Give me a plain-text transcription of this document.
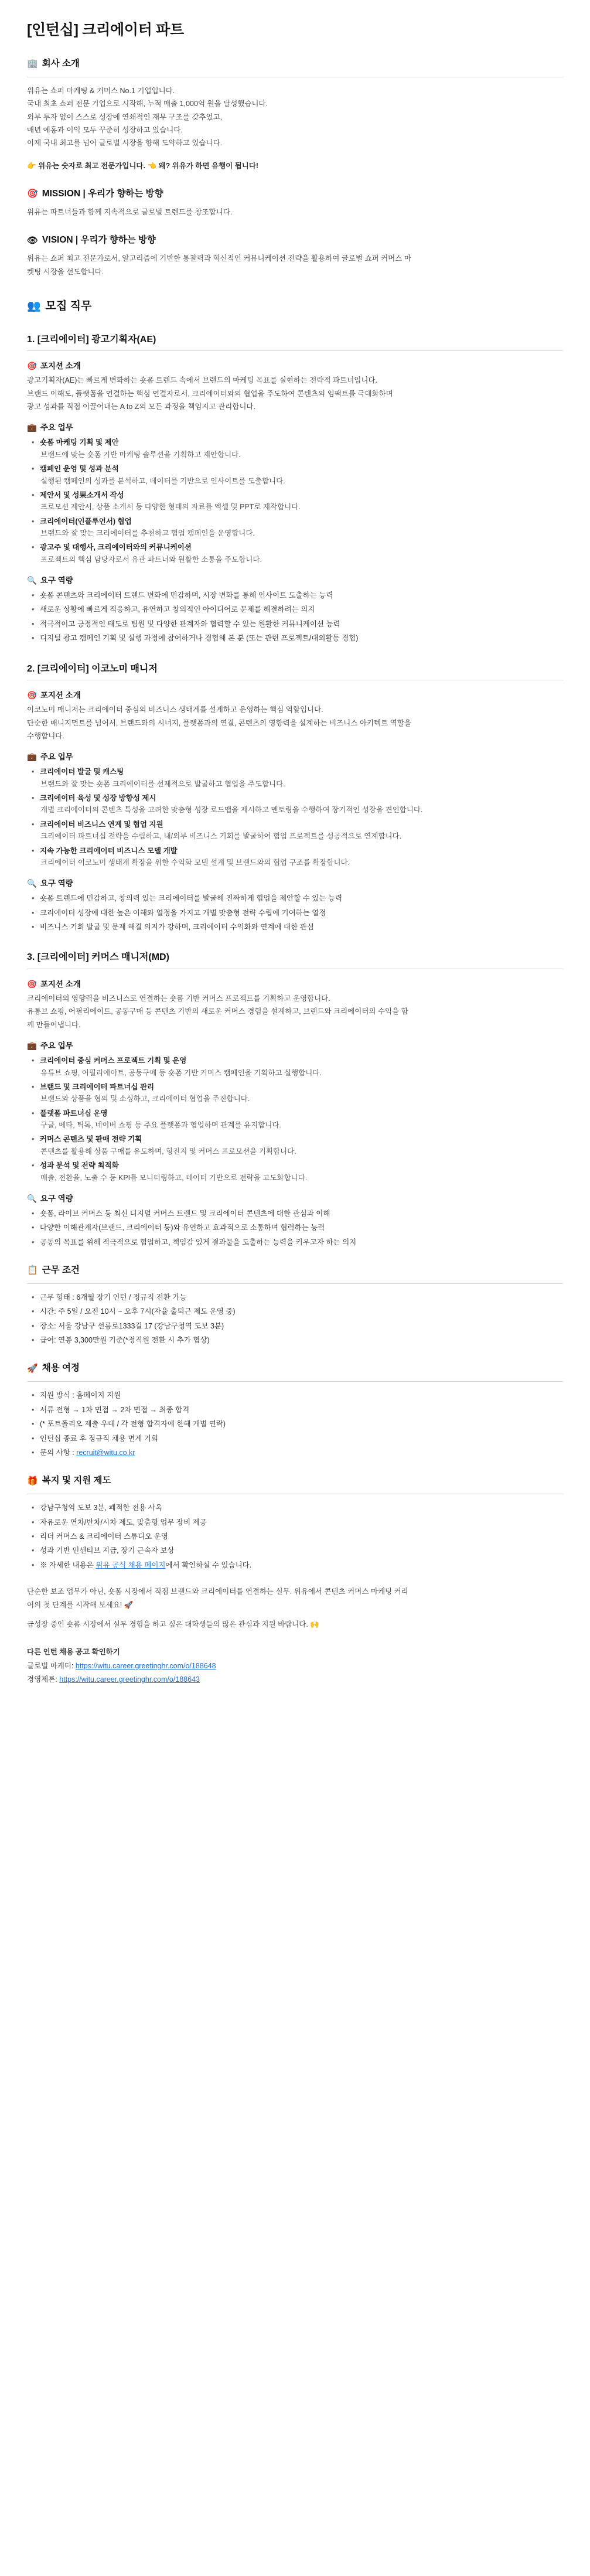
[인턴십] 크리에이터 파트
🏢 회사 소개
위유는 쇼퍼 마케팅 & 커머스 No.1 기업입니다.
국내 최초 쇼퍼 전문 기업으로 시작해, 누적 매출 1,000억 원을 달성했습니다.
외부 투자 없이 스스로 성장에 연쇄적인 재무 구조를 갖추었고,
매년 예홍과 이익 모두 꾸준히 성장하고 있습니다.
이제 국내 최고를 넘어 글로벌 시장을 향해 도약하고 있습니다.
👉 위유는 숫자로 최고 전문가입니다. 👈 왜? 위유가 하면 유행이 됩니다!
🎯 MISSION | 우리가 향하는 방향
위유는 파트너들과 함께 지속적으로 글로벌 트렌드를 창조합니다.
👁 VISION | 우리가 향하는 방향
위유는 쇼퍼 최고 전문가로서, 알고리즘에 기반한 통찰력과 혁신적인 커뮤니케이션 전략을 활용하여 글로벌 쇼퍼 커머스 마
켓팅 시장을 선도합니다.
👥 모집 직무
1. [크리에이터] 광고기획자(AE)
🎯 포지션 소개
광고기획자(AE)는 빠르게 변화하는 숏폼 트렌드 속에서 브랜드의 마케팅 목표를 실현하는 전략적 파트너입니다.
브랜드 이해도, 플랫폼을 연결하는 핵심 연결자로서, 크리에이터와의 협업을 주도하여 콘텐츠의 임팩트를 극대화하며
광고 성과를 직접 이끌어내는 A to Z의 모든 과정을 책임지고 관리합니다.
💼 주요 업무
• 숏폼 마케팅 기획 및 제안
브랜드에 맞는 숏폼 기반 마케팅 솔루션을 기획하고 제안합니다.
• 캠페인 운영 및 성과 분석
실행된 캠페인의 성과를 분석하고, 데이터를 기반으로 인사이트를 도출합니다.
• 제안서 및 성果소개서 작성
프로모션 제안서, 상품 소개서 등 다양한 형태의 자료를 엑셀 및 PPT로 제작합니다.
• 크리에이터(인플루언서) 협업
브랜드와 잘 맞는 크리에이터를 추천하고 협업 캠페인을 운영합니다.
• 광고주 및 대행사, 크리에이터와의 커뮤니케이션
프로젝트의 핵심 담당자로서 유관 파트너와 원활한 소통을 주도합니다.
🔍 요구 역량
• 숏폼 콘텐츠와 크리에이터 트렌드 변화에 민감하며, 시장 변화를 통해 인사이트 도출하는 능력
• 새로운 상황에 빠르게 적응하고, 유연하고 창의적인 아이디어로 문제를 해결하려는 의지
• 적극적이고 긍정적인 태도로 팀원 및 다양한 관계자와 협력할 수 있는 원활한 커뮤니케이션 능력
• 디지털 광고 캠페인 기획 및 실행 과정에 참여하거나 경험해 본 분 (또는 관련 프로젝트/대외활동 경험)
2. [크리에이터] 이코노미 매니저
🎯 포지션 소개
이코노미 매니저는 크리에이터 중심의 비즈니스 생태계를 설계하고 운영하는 핵심 역할입니다.
단순한 매니지먼트를 넘어서, 브랜드와의 시너지, 플랫폼과의 연결, 콘텐츠의 영향력을 설계하는 비즈니스 아키텍트 역할을
수행합니다.
💼 주요 업무
• 크리에이터 발굴 및 캐스팅
브랜드와 잘 맞는 숏폼 크리에이터를 선제적으로 발굴하고 협업을 주도합니다.
• 크리에이터 육성 및 성장 방향성 제시
개별 크리에이터의 콘텐츠 특성을 고려한 맞춤형 성장 로드맵을 제시하고 멘토링을 수행하여 장기적인 성장을 견인합니다.
• 크리에이터 비즈니스 연계 및 협업 지원
크리에이터 파트너십 전략을 수립하고, 내/외부 비즈니스 기회를 발굴하여 협업 프로젝트를 성공적으로 연계합니다.
• 지속 가능한 크리에이터 비즈니스 모델 개발
크리에이터 이코노미 생태계 확장을 위한 수익화 모델 설계 및 브랜드와의 협업 구조를 확장합니다.
🔍 요구 역량
• 숏폼 트렌드에 민감하고, 창의력 있는 크리에이터를 발굴해 진짜하게 협업을 제안할 수 있는 능력
• 크리에이터 성장에 대한 높은 이해와 열정을 가지고 개별 맞춤형 전략 수립에 기여하는 열정
• 비즈니스 기회 발굴 및 문제 해결 의지가 강하며, 크리에이터 수익화와 연계에 대한 관심
3. [크리에이터] 커머스 매니저(MD)
🎯 포지션 소개
크리에이터의 영향력을 비즈니스로 연결하는 숏폼 기반 커머스 프로젝트를 기획하고 운영합니다.
유통브 쇼핑, 어필리에이트, 공동구매 등 콘텐츠 기반의 새로운 커머스 경험을 설계하고, 브랜드와 크리에이터의 수익을 함
께 만들어냅니다.
💼 주요 업무
• 크리에이터 중심 커머스 프로젝트 기획 및 운영
유튜브 쇼핑, 어필리에이트, 공동구매 등 숏폼 기반 커머스 캠페인을 기획하고 실행합니다.
• 브랜드 및 크리에이터 파트너십 관리
브랜드와 상품을 협의 및 소싱하고, 크리에이터 협업을 주진합니다.
• 플랫폼 파트너십 운영
구글, 메타, 틱톡, 네이버 쇼핑 등 주요 플랫폼과 협업하며 관계를 유지합니다.
• 커머스 콘텐츠 및 판매 전략 기획
콘텐츠를 활용해 상품 구매를 유도하며, 형진지 및 커머스 프로모션을 기획합니다.
• 성과 분석 및 전략 최적화
매출, 전환율, 노출 수 등 KPI를 모니터링하고, 데이터 기반으로 전략을 고도화합니다.
🔍 요구 역량
• 숏폼, 라이브 커머스 등 최신 디지털 커머스 트렌드 및 크리에이터 콘텐츠에 대한 관심과 이해
• 다양한 이해관계자(브랜드, 크리에이터 등)와 유연하고 효과적으로 소통하며 협력하는 능력
• 공동의 목표를 위해 적극적으로 협업하고, 책임감 있게 결과물을 도출하는 능력을 키우고자 하는 의지
📋 근무 조건
• 근무 형태 : 6개월 장기 인턴 / 정규직 전환 가능
• 시간: 주 5일 / 오전 10시 ~ 오후 7시(자율 출퇴근 제도 운영 중)
• 장소: 서울 강남구 선릉로1333길 17 (강남구청역 도보 3분)
• 급여: 연봉 3,300만원 기준(*정직원 전환 시 추가 협상)
🚀 채용 여정
• 지원 방식 : 홈페이지 지원
• 서류 전형 → 1차 면접 → 2차 면접 → 최종 합격
• (* 포트폴리오 제출 우대 / 각 전형 합격자에 한해 개별 연락)
• 인턴십 종료 후 정규직 채용 면계 기회
• 문의 사항 : recruit@witu.co.kr
🎁 복지 및 지원 제도
• 강남구청역 도보 3분, 쾌적한 전용 사옥
• 자유로운 연차/반차/시차 제도, 맞춤형 업무 장비 제공
• 리더 커머스 & 크리에이터 스튜디오 운영
• 성과 기반 인센티브 지급, 장기 근속자 보상
• ※ 자세한 내용은 위유 공식 채용 페이지에서 확인하실 수 있습니다.
단순한 보조 업무가 아닌, 숏폼 시장에서 직접 브랜드와 크리에이터를 연결하는 실무. 위유에서 콘텐츠 커머스 마케팅 커리
어의 첫 단계를 시작해 보세요! 🚀
급성장 중인 숏폼 시장에서 실무 경험을 하고 싶은 대학생들의 많은 관심과 지원 바랍니다. 🙌
다른 인턴 채용 공고 확인하기
글로벌 마케터: https://witu.career.greetinghr.com/o/188648
경영제론: https://witu.career.greetinghr.com/o/188643
